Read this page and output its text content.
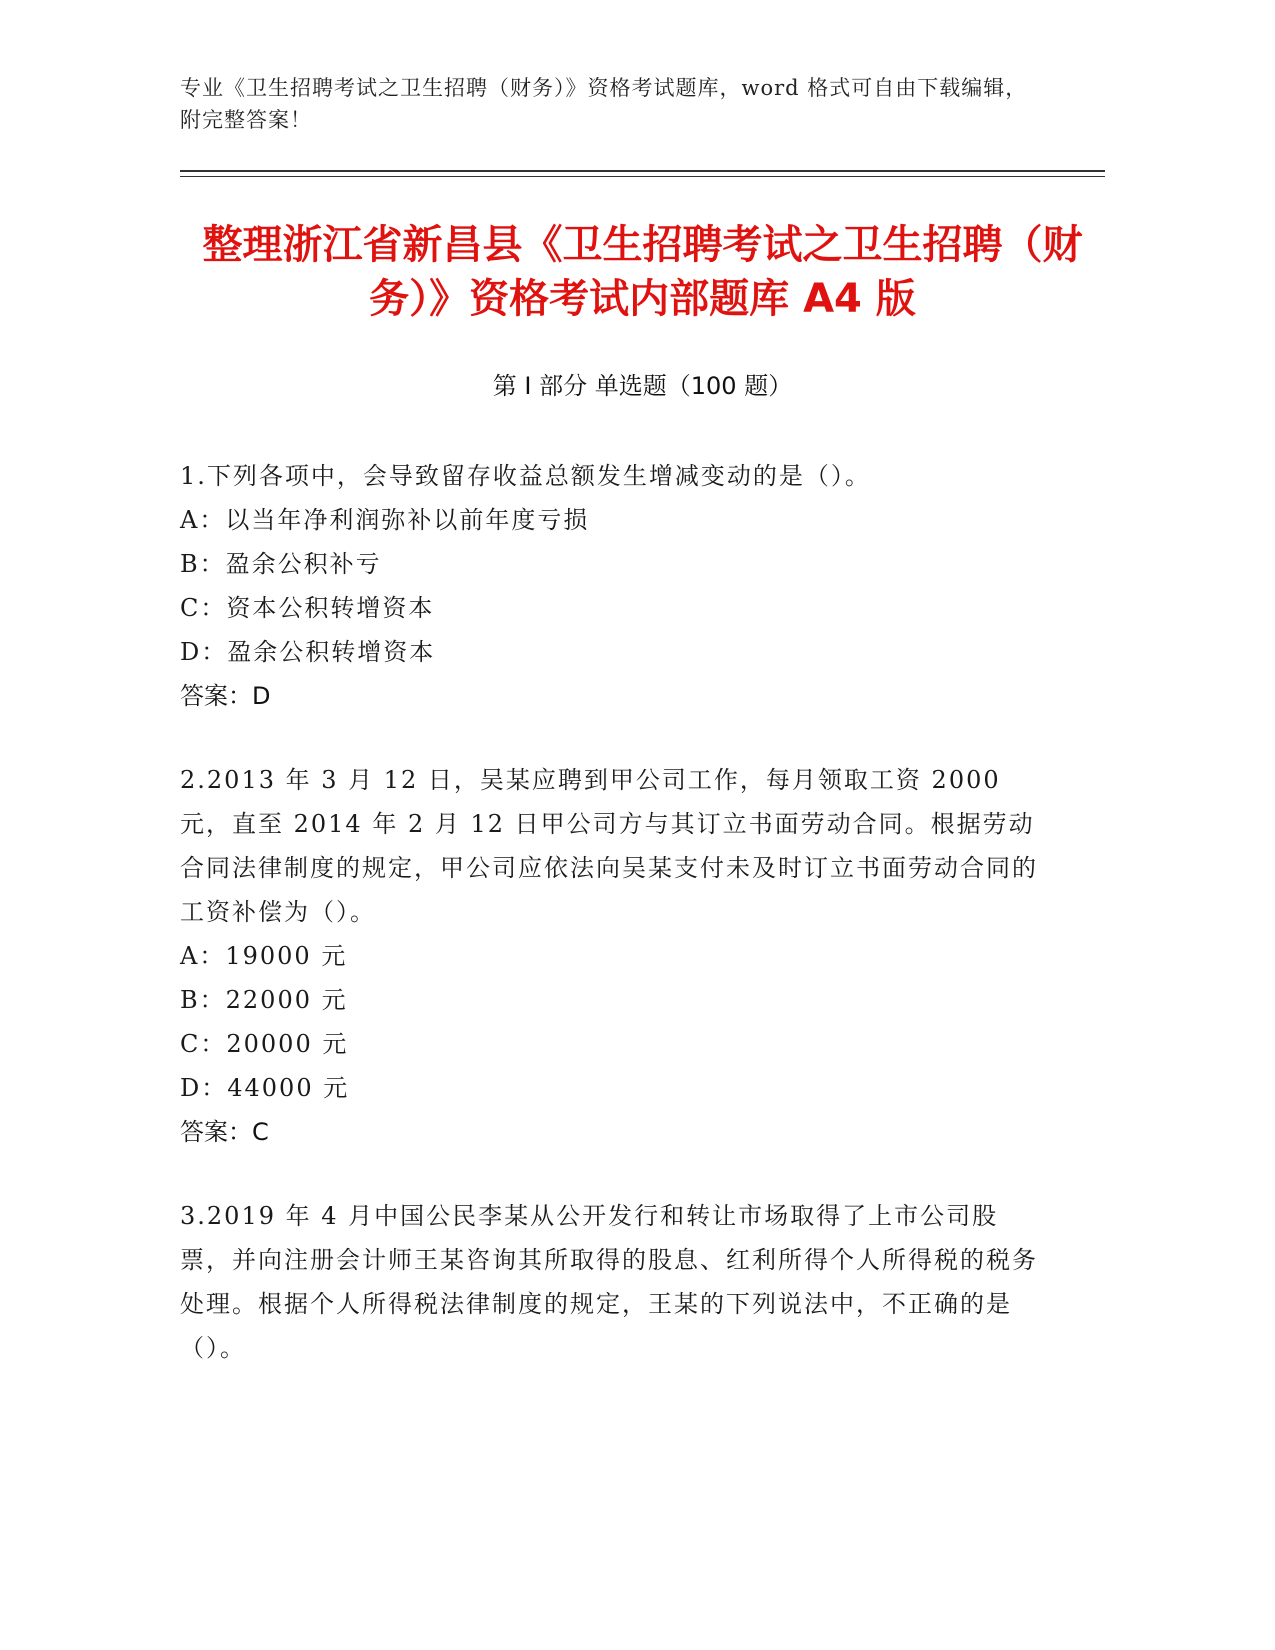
专业《卫生招聘考试之卫生招聘（财务）》资格考试题库，word 格式可自由下载编辑，附完整答案！
整理浙江省新昌县《卫生招聘考试之卫生招聘（财务）》资格考试内部题库 A4 版
第 I 部分 单选题（100 题）

1.下列各项中，会导致留存收益总额发生增减变动的是（）。

A：以当年净利润弥补以前年度亏损

B：盈余公积补亏

C：资本公积转增资本

D：盈余公积转增资本

答案：D

2.2013 年 3 月 12 日，吴某应聘到甲公司工作，每月领取工资 2000 元，直至 2014 年 2 月 12 日甲公司方与其订立书面劳动合同。根据劳动合同法律制度的规定，甲公司应依法向吴某支付未及时订立书面劳动合同的工资补偿为（）。

A：19000 元

B：22000 元

C：20000 元

D：44000 元

答案：C

3.2019 年 4 月中国公民李某从公开发行和转让市场取得了上市公司股票，并向注册会计师王某咨询其所取得的股息、红利所得个人所得税的税务处理。根据个人所得税法律制度的规定，王某的下列说法中，不正确的是（）。
